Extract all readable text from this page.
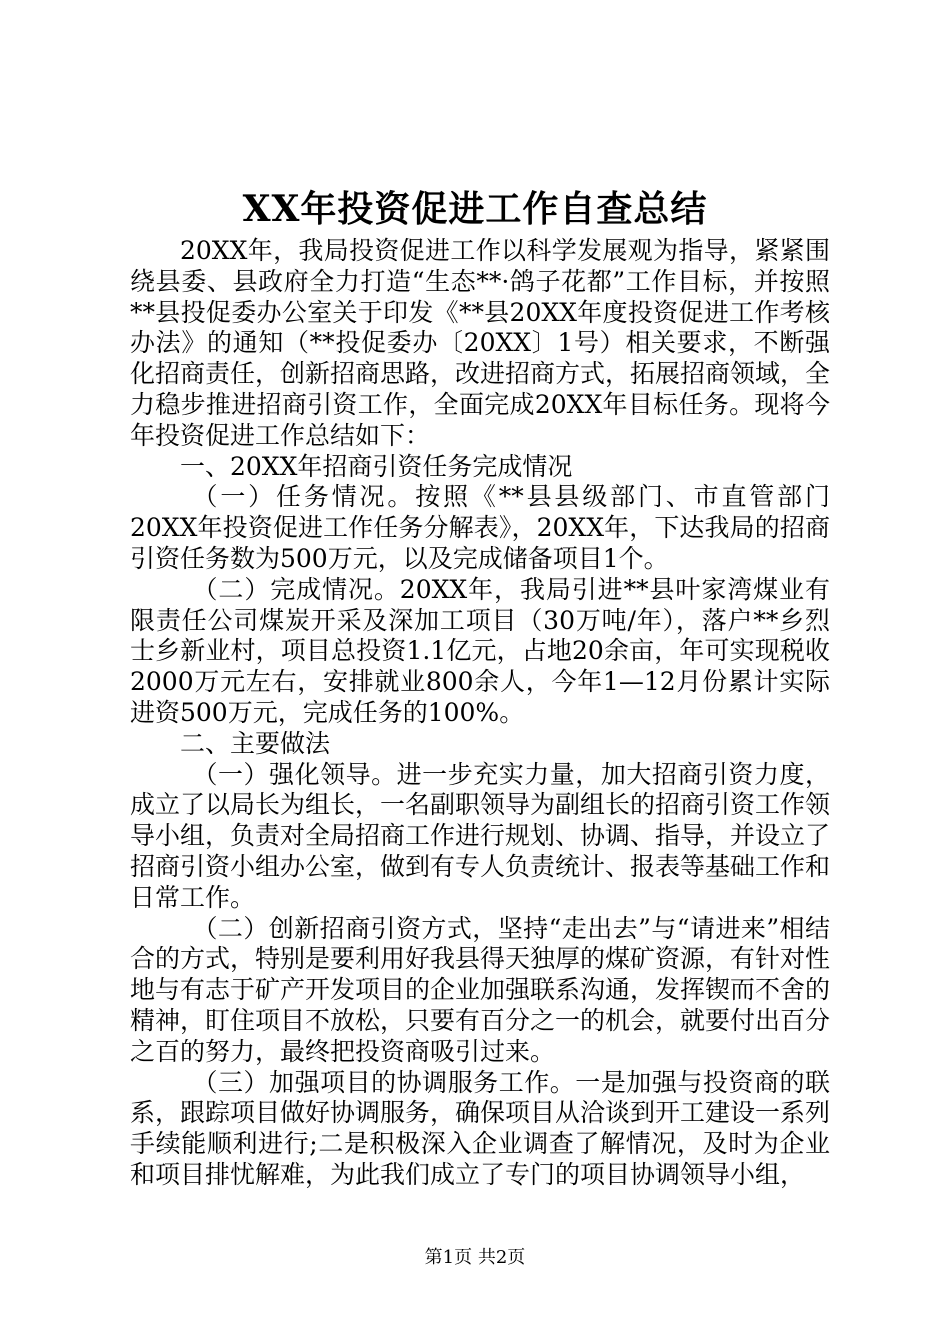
XX年投资促进工作自查总结

20XX年，我局投资促进工作以科学发展观为指导，紧紧围绕县委、县政府全力打造“生态**·鸽子花都”工作目标，并按照**县投促委办公室关于印发《**县20XX年度投资促进工作考核办法》的通知（**投促委办〔20XX〕1号）相关要求，不断强化招商责任，创新招商思路，改进招商方式，拓展招商领域，全力稳步推进招商引资工作，全面完成20XX年目标任务。现将今年投资促进工作总结如下：

一、20XX年招商引资任务完成情况

（一）任务情况。按照《**县县级部门、市直管部门20XX年投资促进工作任务分解表》，20XX年，下达我局的招商引资任务数为500万元，以及完成储备项目1个。

（二）完成情况。20XX年，我局引进**县叶家湾煤业有限责任公司煤炭开采及深加工项目（30万吨/年），落户**乡烈士乡新业村，项目总投资1.1亿元，占地20余亩，年可实现税收2000万元左右，安排就业800余人，今年1—12月份累计实际进资500万元，完成任务的100%。

二、主要做法

（一）强化领导。进一步充实力量，加大招商引资力度，成立了以局长为组长，一名副职领导为副组长的招商引资工作领导小组，负责对全局招商工作进行规划、协调、指导，并设立了招商引资小组办公室，做到有专人负责统计、报表等基础工作和日常工作。

（二）创新招商引资方式，坚持“走出去”与“请进来”相结合的方式，特别是要利用好我县得天独厚的煤矿资源，有针对性地与有志于矿产开发项目的企业加强联系沟通，发挥锲而不舍的精神，盯住项目不放松，只要有百分之一的机会，就要付出百分之百的努力，最终把投资商吸引过来。

（三）加强项目的协调服务工作。一是加强与投资商的联系，跟踪项目做好协调服务，确保项目从洽谈到开工建设一系列手续能顺利进行;二是积极深入企业调查了解情况，及时为企业和项目排忧解难，为此我们成立了专门的项目协调领导小组，

第1页 共2页
